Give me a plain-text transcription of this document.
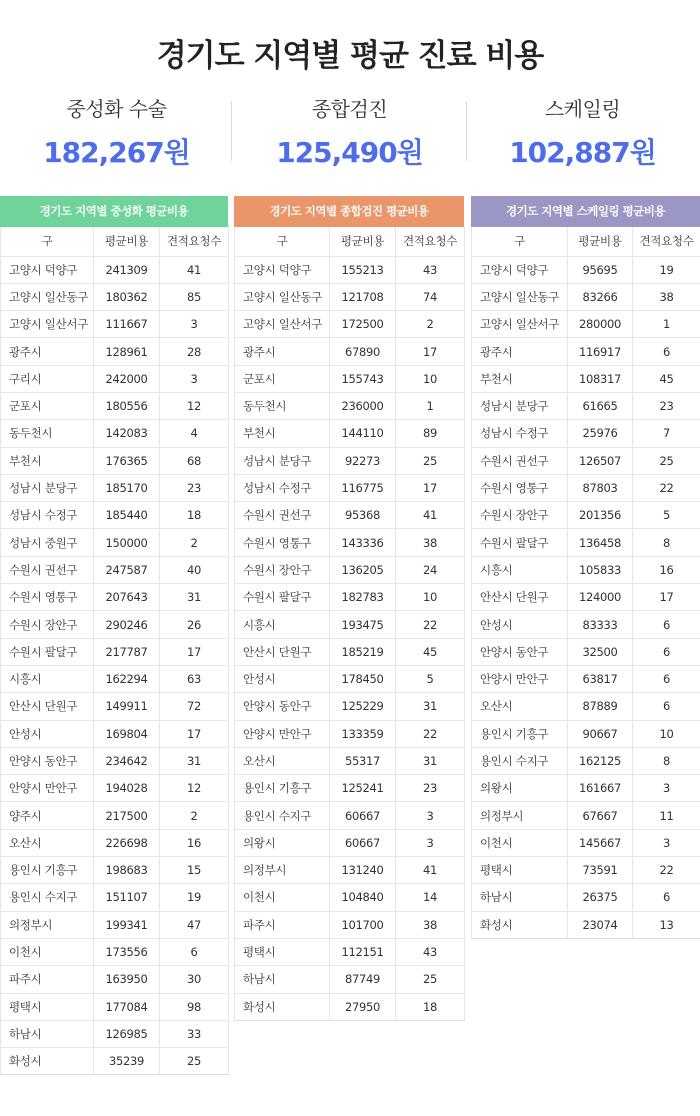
경기도 지역별 평균 진료 비용
중성화 수술
182,267원
종합검진
125,490원
스케일링
102,887원
경기도 지역별 중성화 평균비용
구	평균비용	견적요청수
고양시 덕양구	241309	41
고양시 일산동구	180362	85
고양시 일산서구	111667	3
광주시	128961	28
구리시	242000	3
군포시	180556	12
동두천시	142083	4
부천시	176365	68
성남시 분당구	185170	23
성남시 수정구	185440	18
성남시 중원구	150000	2
수원시 권선구	247587	40
수원시 영통구	207643	31
수원시 장안구	290246	26
수원시 팔달구	217787	17
시흥시	162294	63
안산시 단원구	149911	72
안성시	169804	17
안양시 동안구	234642	31
안양시 만안구	194028	12
양주시	217500	2
오산시	226698	16
용인시 기흥구	198683	15
용인시 수지구	151107	19
의정부시	199341	47
이천시	173556	6
파주시	163950	30
평택시	177084	98
하남시	126985	33
화성시	35239	25
경기도 지역별 종합검진 평균비용
구	평균비용	견적요청수
고양시 덕양구	155213	43
고양시 일산동구	121708	74
고양시 일산서구	172500	2
광주시	67890	17
군포시	155743	10
동두천시	236000	1
부천시	144110	89
성남시 분당구	92273	25
성남시 수정구	116775	17
수원시 권선구	95368	41
수원시 영통구	143336	38
수원시 장안구	136205	24
수원시 팔달구	182783	10
시흥시	193475	22
안산시 단원구	185219	45
안성시	178450	5
안양시 동안구	125229	31
안양시 만안구	133359	22
오산시	55317	31
용인시 기흥구	125241	23
용인시 수지구	60667	3
의왕시	60667	3
의정부시	131240	41
이천시	104840	14
파주시	101700	38
평택시	112151	43
하남시	87749	25
화성시	27950	18
경기도 지역별 스케일링 평균비용
구	평균비용	견적요청수
고양시 덕양구	95695	19
고양시 일산동구	83266	38
고양시 일산서구	280000	1
광주시	116917	6
부천시	108317	45
성남시 분당구	61665	23
성남시 수정구	25976	7
수원시 권선구	126507	25
수원시 영통구	87803	22
수원시 장안구	201356	5
수원시 팔달구	136458	8
시흥시	105833	16
안산시 단원구	124000	17
안성시	83333	6
안양시 동안구	32500	6
안양시 만안구	63817	6
오산시	87889	6
용인시 기흥구	90667	10
용인시 수지구	162125	8
의왕시	161667	3
의정부시	67667	11
이천시	145667	3
평택시	73591	22
하남시	26375	6
화성시	23074	13
